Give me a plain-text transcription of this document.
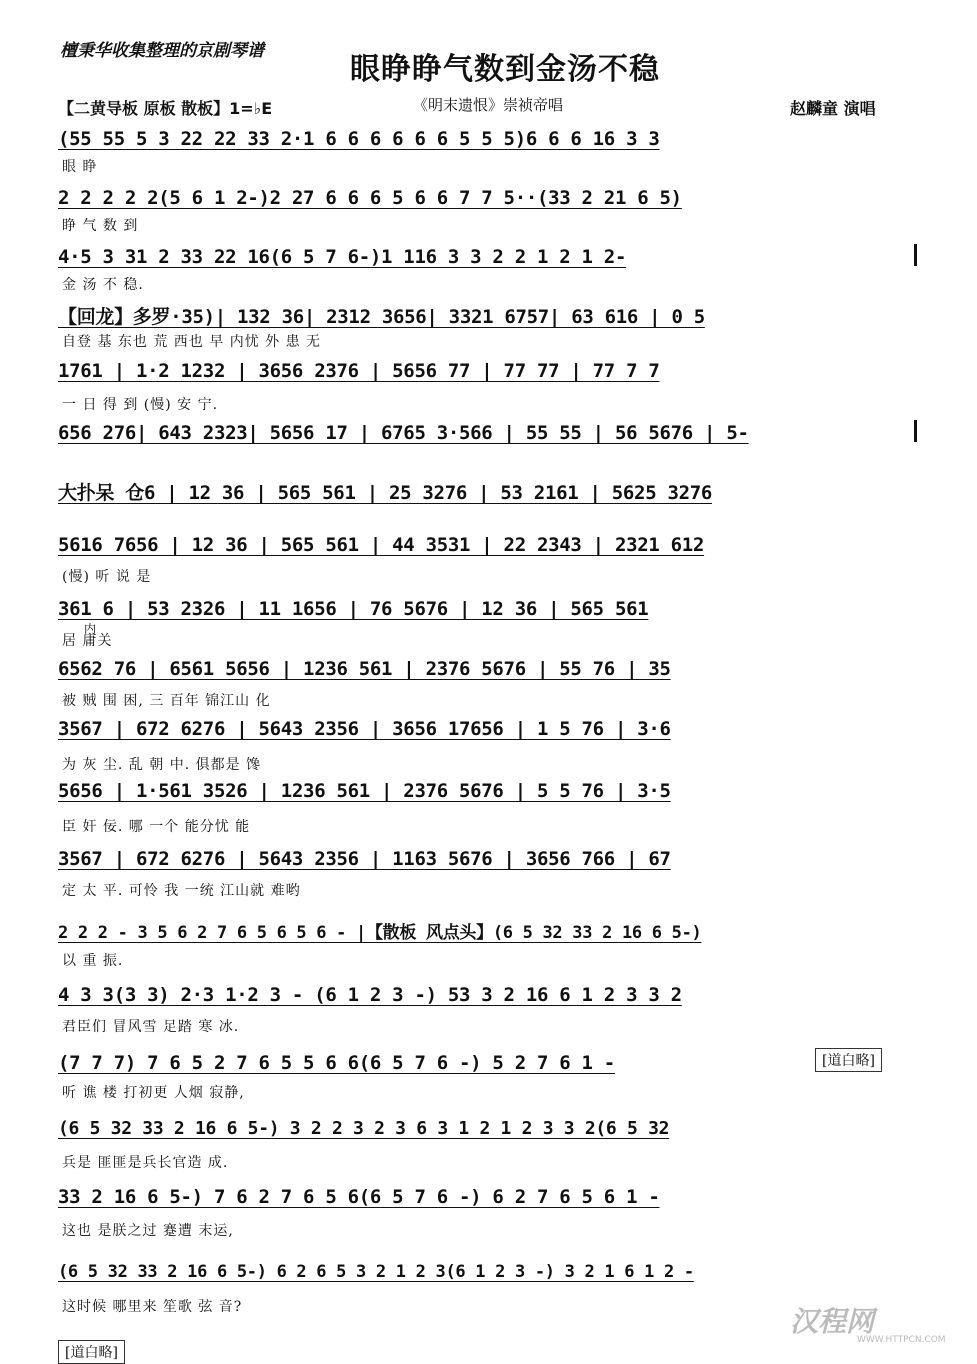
檀秉华收集整理的京剧琴谱
眼睁睁气数到金汤不稳
【二黄导板 原板 散板】1=♭E	《明末遗恨》崇祯帝唱	赵麟童 演唱
(55 55 5 3 22 22 33 2·1 6 6 6 6 6 6 5 5 5)6 6 6 16 3 3
眼 睁
2 2 2 2 2(5 6 1 2-)2 27 6 6 6 5 6 6 7 7 5··(33 2 21 6 5)
睁 气 数 到
4·5 3 31 2 33 22 16(6 5 7 6-)1 116 3 3 2 2 1 2 1 2-
金 汤 不 稳.
【回龙】多罗·35)| 132 36| 2312 3656| 3321 6757| 63 616 | 0 5
自登 基 东也 荒 西也 早 内忧 外 患 无
1761 | 1·2 1232 | 3656 2376 | 5656 77 | 77 77 | 77 7 7
一 日 得 到 (慢) 安 宁.
656 276| 643 2323| 5656 17 | 6765 3·566 | 55 55 | 56 5676 | 5-
大扑呆 仓6 | 12 36 | 565 561 | 25 3276 | 53 2161 | 5625 3276
5616 7656 | 12 36 | 565 561 | 44 3531 | 22 2343 | 2321 612
(慢) 听 说 是
361 6 | 53 2326 | 11 1656 | 76 5676 | 12 36 | 565 561
居 庸关
内
6562 76 | 6561 5656 | 1236 561 | 2376 5676 | 55 76 | 35
被 贼 围 困, 三 百年 锦江山 化
3567 | 672 6276 | 5643 2356 | 3656 17656 | 1 5 76 | 3·6
为 灰 尘. 乱 朝 中. 俱都是 馋
5656 | 1·561 3526 | 1236 561 | 2376 5676 | 5 5 76 | 3·5
臣 奸 佞. 哪 一个 能分忧 能
3567 | 672 6276 | 5643 2356 | 1163 5676 | 3656 766 | 67
定 太 平. 可怜 我 一统 江山就 难哟
2 2 2 - 3 5 6 2 7 6 5 6 5 6 - |【散板 风点头】(6 5 32 33 2 16 6 5-)
以 重 振.
4 3 3(3 3) 2·3 1·2 3 - (6 1 2 3 -) 53 3 2 16 6 1 2 3 3 2
君臣们 冒风雪 足踏 寒 冰.
(7 7 7) 7 6 5 2 7 6 5 5 6 6(6 5 7 6 -) 5 2 7 6 1 -
听 谯 楼 打初更 人烟 寂静,
[道白略]
(6 5 32 33 2 16 6 5-) 3 2 2 3 2 3 6 3 1 2 1 2 3 3 2(6 5 32
兵是 匪匪是兵长官造 成.
33 2 16 6 5-) 7 6 2 7 6 5 6(6 5 7 6 -) 6 2 7 6 5 6 1 -
这也 是朕之过 蹇遭 末运,
(6 5 32 33 2 16 6 5-) 6 2 6 5 3 2 1 2 3(6 1 2 3 -) 3 2 1 6 1 2 -
这时候 哪里来 笙歌 弦 音?
[道白略]
汉程网
WWW.HTTPCN.COM
